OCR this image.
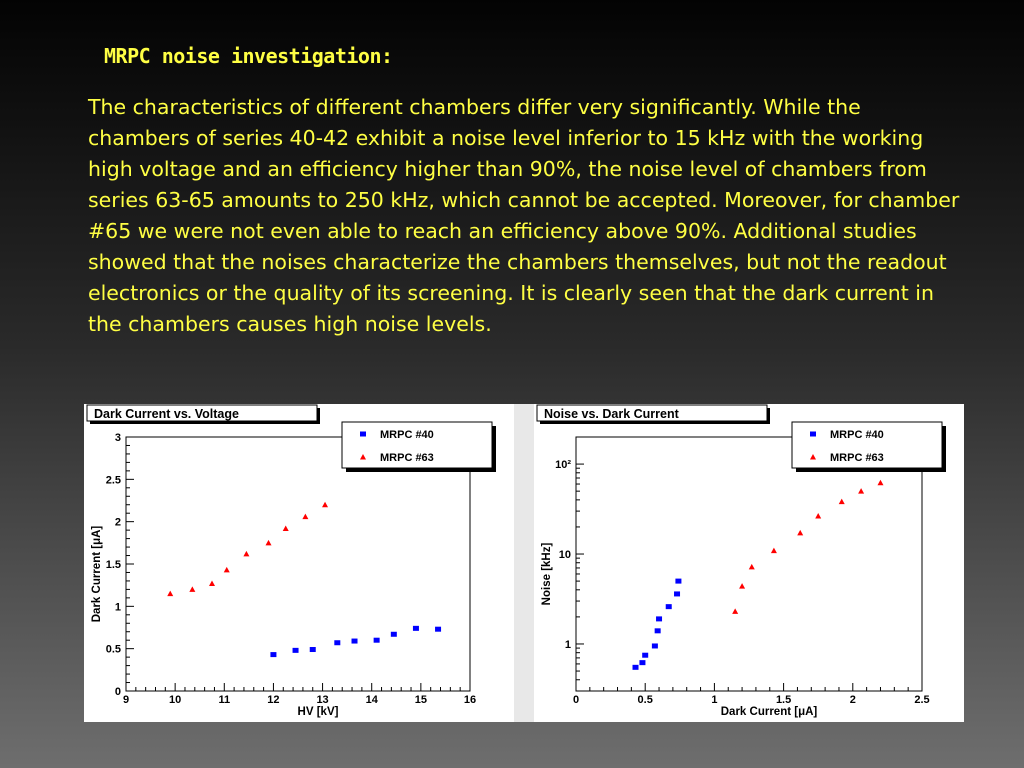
MRPC noise investigation:
The characteristics of different chambers differ very significantly. While the chambers of series 40-42 exhibit a noise level inferior to 15 kHz with the working high voltage and an efficiency higher than 90%, the noise level of chambers from series 63-65 amounts to 250 kHz, which cannot be accepted. Moreover, for chamber #65 we were not even able to reach an efficiency above 90%. Additional studies showed that the noises characterize the chambers themselves, but not the readout electronics or the quality of its screening. It is clearly seen that the dark current in the chambers causes high noise levels.
Dark Current vs. Voltage
9	10	11	12	13	14	15	16
0
0.5
1
1.5
2
2.5
3
HV [kV]
Dark Current [μA]
MRPC #40
MRPC #63
Noise vs. Dark Current
0	0.5	1	1.5	2	2.5
1
10
10²
Dark Current [μA]
Noise [kHz]
MRPC #40
MRPC #63
